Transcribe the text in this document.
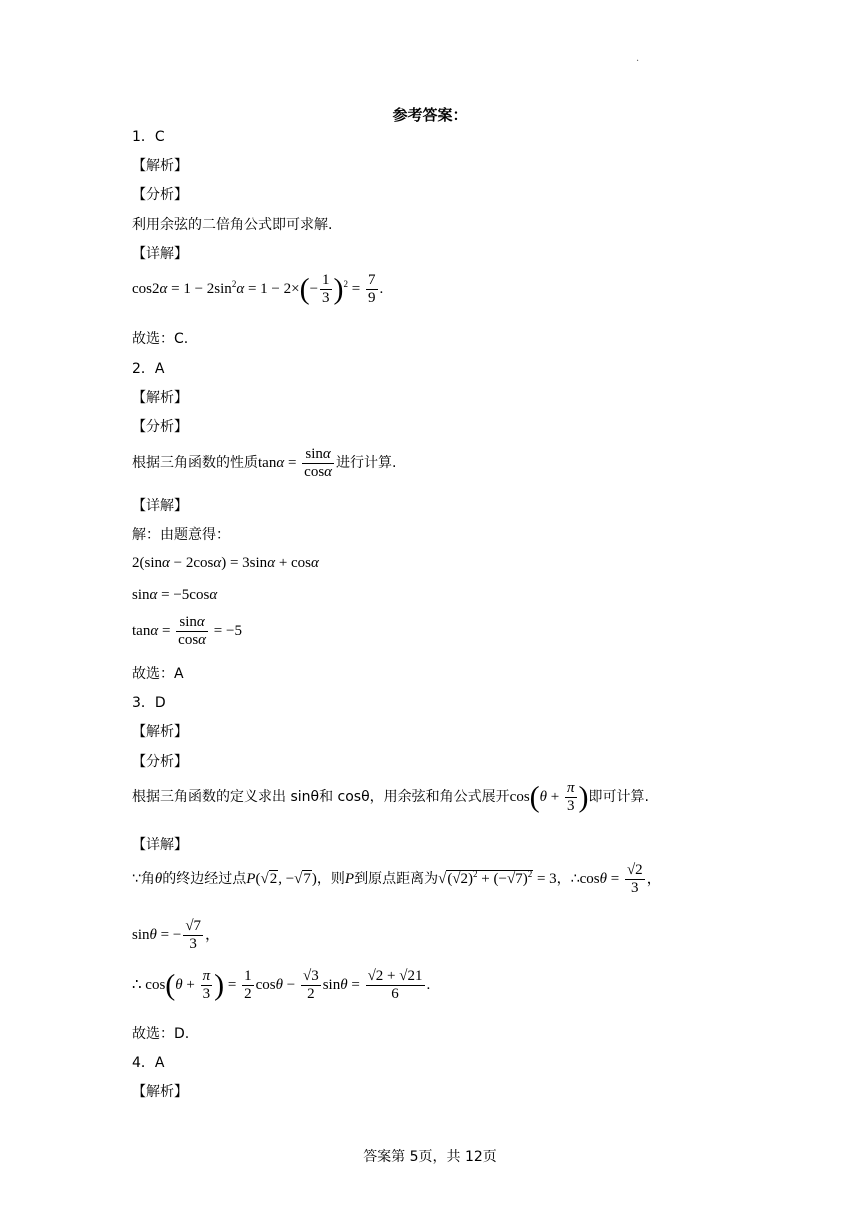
·
参考答案：
1．C
【解析】
【分析】
利用余弦的二倍角公式即可求解.
【详解】
$\cos 2\alpha = 1 - 2\sin^2\alpha = 1 - 2\times(- \frac{1}{3} )^2 = \frac{7}{9}$ .
故选：C.
2．A
【解析】
【分析】
根据三角函数的性质$\tan\alpha = \frac{\sin\alpha}{\cos\alpha}$ 进行计算.
【详解】
解：由题意得：
2(sinα − 2cosα) = 3sinα + cosα
sinα = −5cosα
$\tan\alpha = \frac{\sin\alpha}{\cos\alpha} = -5$
故选：A
3．D
【解析】
【分析】
根据三角函数的定义求出 sinθ和 cosθ，用余弦和角公式展开$\cos(\theta + \frac{\pi}{3}$ )即可计算.
【详解】
∵角θ的终边经过点P(√2, −√7)，则P到原点距离为$√(√2)^2 + (-√7)^2 = 3$，∴cosθ = $\frac{√2}{3}$ ，
sinθ = − $\frac{√7}{3}$ ，
∴ $\cos(\theta + \frac{\pi}{3}$ ) = $\frac{1}{2}$ $\cos\theta - \frac{√3}{2}$ $\sin\theta = \frac{√2 + √21}{6}$ .
故选：D.
4．A
【解析】
答案第 5页，共 12页
